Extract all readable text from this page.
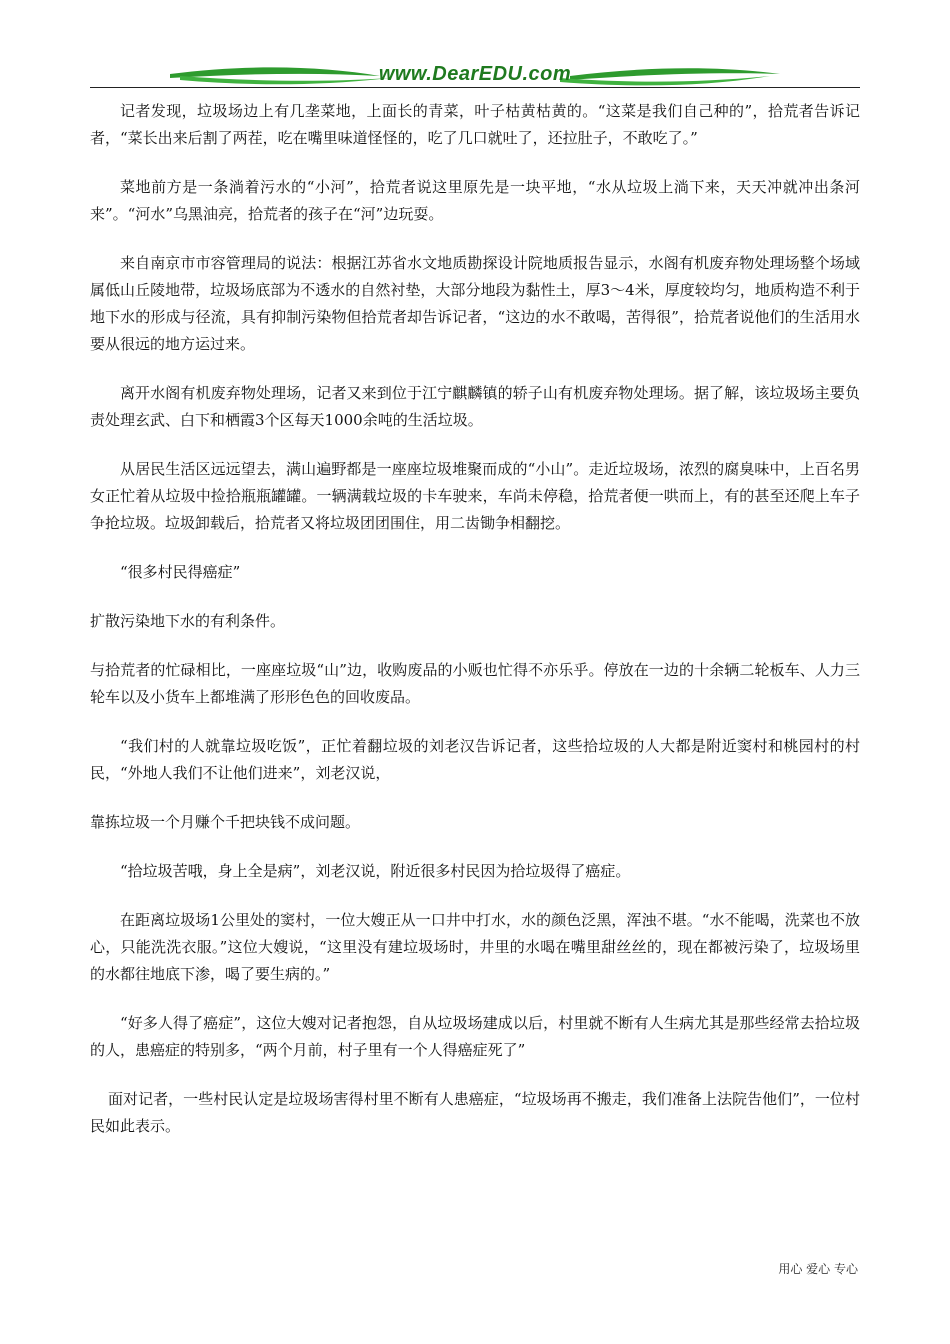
www.DearEDU.com

记者发现，垃圾场边上有几垄菜地，上面长的青菜，叶子枯黄枯黄的。“这菜是我们自己种的”，拾荒者告诉记者，“菜长出来后割了两茬，吃在嘴里味道怪怪的，吃了几口就吐了，还拉肚子，不敢吃了。”

菜地前方是一条淌着污水的“小河”，拾荒者说这里原先是一块平地，“水从垃圾上淌下来，天天冲就冲出条河来”。“河水”乌黑油亮，拾荒者的孩子在“河”边玩耍。

来自南京市市容管理局的说法：根据江苏省水文地质勘探设计院地质报告显示，水阁有机废弃物处理场整个场域属低山丘陵地带，垃圾场底部为不透水的自然衬垫，大部分地段为黏性土，厚3～4米，厚度较均匀，地质构造不利于地下水的形成与径流，具有抑制污染物但拾荒者却告诉记者，“这边的水不敢喝，苦得很”，拾荒者说他们的生活用水要从很远的地方运过来。

离开水阁有机废弃物处理场，记者又来到位于江宁麒麟镇的轿子山有机废弃物处理场。据了解，该垃圾场主要负责处理玄武、白下和栖霞3个区每天1000余吨的生活垃圾。

从居民生活区远远望去，满山遍野都是一座座垃圾堆聚而成的“小山”。走近垃圾场，浓烈的腐臭味中，上百名男女正忙着从垃圾中捡拾瓶瓶罐罐。一辆满载垃圾的卡车驶来，车尚未停稳，拾荒者便一哄而上，有的甚至还爬上车子争抢垃圾。垃圾卸载后，拾荒者又将垃圾团团围住，用二齿锄争相翻挖。

“很多村民得癌症”

扩散污染地下水的有利条件。

与拾荒者的忙碌相比，一座座垃圾“山”边，收购废品的小贩也忙得不亦乐乎。停放在一边的十余辆二轮板车、人力三轮车以及小货车上都堆满了形形色色的回收废品。

“我们村的人就靠垃圾吃饭”，正忙着翻垃圾的刘老汉告诉记者，这些拾垃圾的人大都是附近窦村和桃园村的村民，“外地人我们不让他们进来”，刘老汉说，

靠拣垃圾一个月赚个千把块钱不成问题。

“拾垃圾苦哦，身上全是病”，刘老汉说，附近很多村民因为拾垃圾得了癌症。

在距离垃圾场1公里处的窦村，一位大嫂正从一口井中打水，水的颜色泛黑，浑浊不堪。“水不能喝，洗菜也不放心，只能洗洗衣服。”这位大嫂说，“这里没有建垃圾场时，井里的水喝在嘴里甜丝丝的，现在都被污染了，垃圾场里的水都往地底下渗，喝了要生病的。”

“好多人得了癌症”，这位大嫂对记者抱怨，自从垃圾场建成以后，村里就不断有人生病尤其是那些经常去拾垃圾的人，患癌症的特别多，“两个月前，村子里有一个人得癌症死了”

面对记者，一些村民认定是垃圾场害得村里不断有人患癌症，“垃圾场再不搬走，我们准备上法院告他们”，一位村民如此表示。

用心 爱心 专心
